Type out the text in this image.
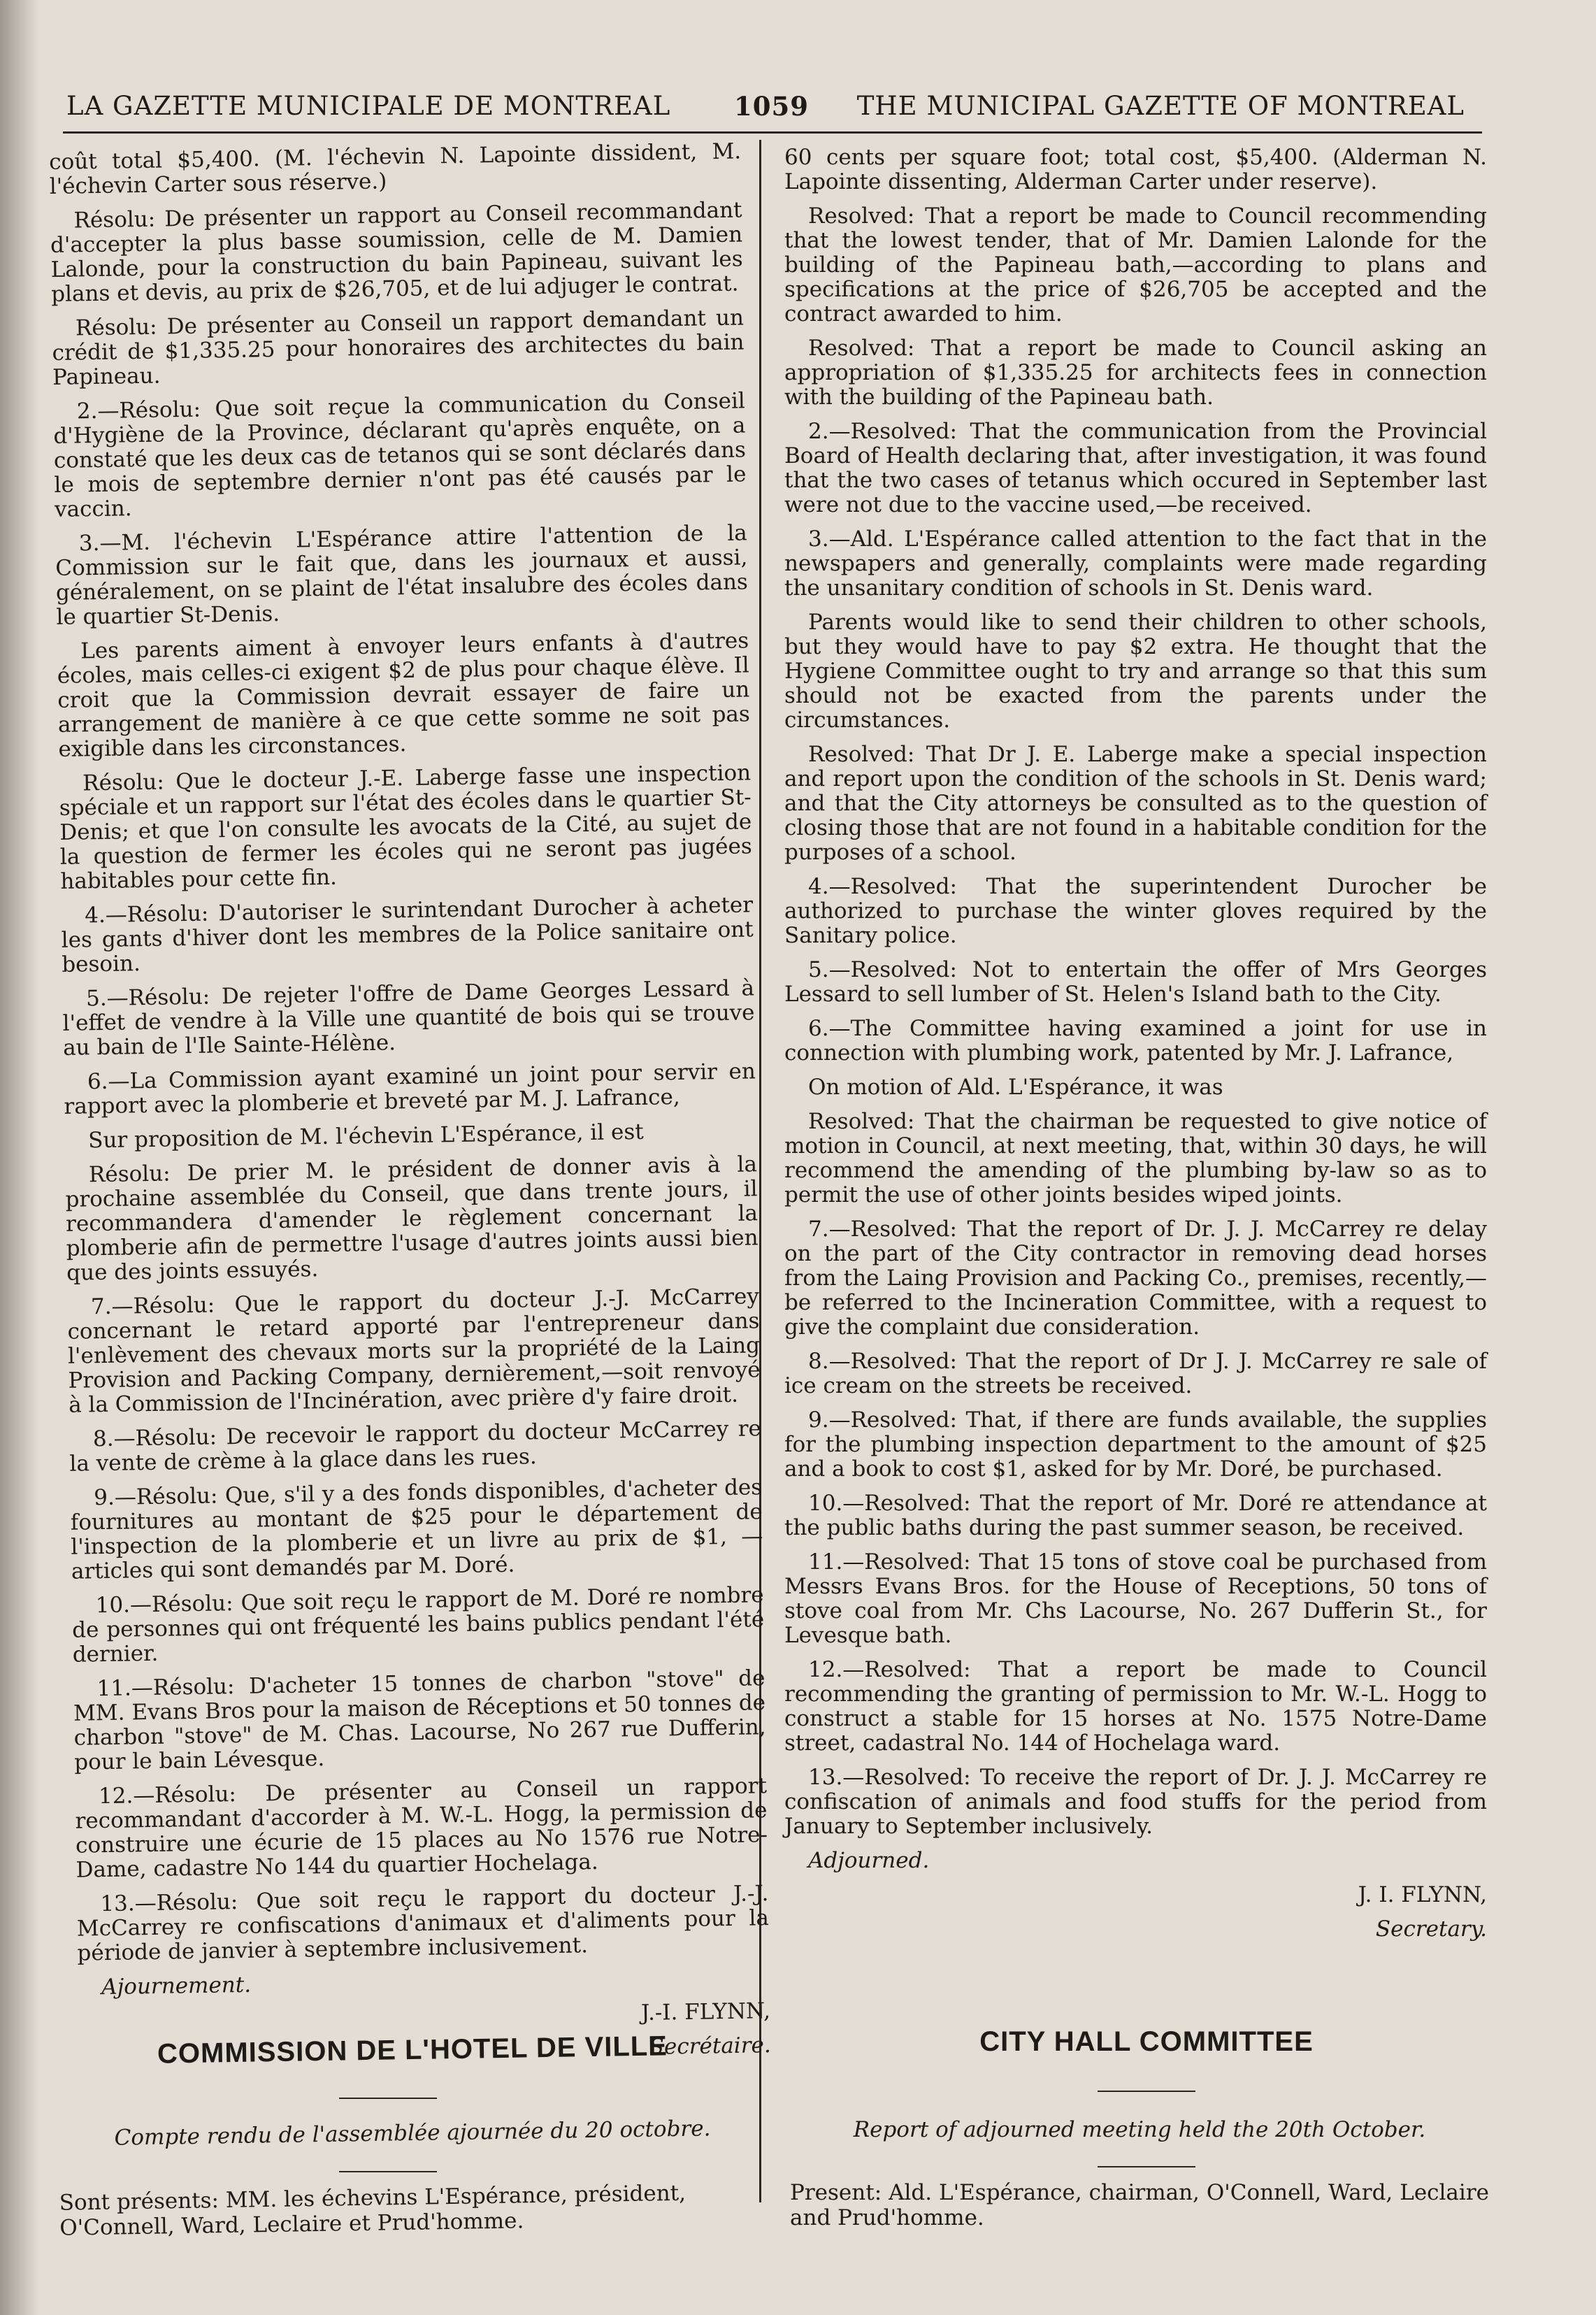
LA GAZETTE MUNICIPALE DE MONTREAL 1059 THE MUNICIPAL GAZETTE OF MONTREAL

coût total $5,400. (M. l'échevin N. Lapointe dissident, M. l'échevin Carter sous réserve.)

Résolu: De présenter un rapport au Conseil recommandant d'accepter la plus basse soumission, celle de M. Damien Lalonde, pour la construction du bain Papineau, suivant les plans et devis, au prix de $26,705, et de lui adjuger le contrat.

Résolu: De présenter au Conseil un rapport demandant un crédit de $1,335.25 pour honoraires des architectes du bain Papineau.

2.—Résolu: Que soit reçue la communication du Conseil d'Hygiène de la Province, déclarant qu'après enquête, on a constaté que les deux cas de tetanos qui se sont déclarés dans le mois de septembre dernier n'ont pas été causés par le vaccin.

3.—M. l'échevin L'Espérance attire l'attention de la Commission sur le fait que, dans les journaux et aussi, généralement, on se plaint de l'état insalubre des écoles dans le quartier St-Denis.

Les parents aiment à envoyer leurs enfants à d'autres écoles, mais celles-ci exigent $2 de plus pour chaque élève. Il croit que la Commission devrait essayer de faire un arrangement de manière à ce que cette somme ne soit pas exigible dans les circonstances.

Résolu: Que le docteur J.-E. Laberge fasse une inspection spéciale et un rapport sur l'état des écoles dans le quartier St-Denis; et que l'on consulte les avocats de la Cité, au sujet de la question de fermer les écoles qui ne seront pas jugées habitables pour cette fin.

4.—Résolu: D'autoriser le surintendant Durocher à acheter les gants d'hiver dont les membres de la Police sanitaire ont besoin.

5.—Résolu: De rejeter l'offre de Dame Georges Lessard à l'effet de vendre à la Ville une quantité de bois qui se trouve au bain de l'Ile Sainte-Hélène.

6.—La Commission ayant examiné un joint pour servir en rapport avec la plomberie et breveté par M. J. Lafrance,

Sur proposition de M. l'échevin L'Espérance, il est

Résolu: De prier M. le président de donner avis à la prochaine assemblée du Conseil, que dans trente jours, il recommandera d'amender le règlement concernant la plomberie afin de permettre l'usage d'autres joints aussi bien que des joints essuyés.

7.—Résolu: Que le rapport du docteur J.-J. McCarrey concernant le retard apporté par l'entrepreneur dans l'enlèvement des chevaux morts sur la propriété de la Laing Provision and Packing Company, dernièrement,—soit renvoyé à la Commission de l'Incinération, avec prière d'y faire droit.

8.—Résolu: De recevoir le rapport du docteur McCarrey re la vente de crème à la glace dans les rues.

9.—Résolu: Que, s'il y a des fonds disponibles, d'acheter des fournitures au montant de $25 pour le département de l'inspection de la plomberie et un livre au prix de $1, —articles qui sont demandés par M. Doré.

10.—Résolu: Que soit reçu le rapport de M. Doré re nombre de personnes qui ont fréquenté les bains publics pendant l'été dernier.

11.—Résolu: D'acheter 15 tonnes de charbon "stove" de MM. Evans Bros pour la maison de Réceptions et 50 tonnes de charbon "stove" de M. Chas. Lacourse, No 267 rue Dufferin, pour le bain Lévesque.

12.—Résolu: De présenter au Conseil un rapport recommandant d'accorder à M. W.-L. Hogg, la permission de construire une écurie de 15 places au No 1576 rue Notre-Dame, cadastre No 144 du quartier Hochelaga.

13.—Résolu: Que soit reçu le rapport du docteur J.-J. McCarrey re confiscations d'animaux et d'aliments pour la période de janvier à septembre inclusivement.

Ajournement.

J.-I. FLYNN,

Secrétaire.

60 cents per square foot; total cost, $5,400. (Alderman N. Lapointe dissenting, Alderman Carter under reserve).

Resolved: That a report be made to Council recommending that the lowest tender, that of Mr. Damien Lalonde for the building of the Papineau bath,—according to plans and specifications at the price of $26,705 be accepted and the contract awarded to him.

Resolved: That a report be made to Council asking an appropriation of $1,335.25 for architects fees in connection with the building of the Papineau bath.

2.—Resolved: That the communication from the Provincial Board of Health declaring that, after investigation, it was found that the two cases of tetanus which occured in September last were not due to the vaccine used,—be received.

3.—Ald. L'Espérance called attention to the fact that in the newspapers and generally, complaints were made regarding the unsanitary condition of schools in St. Denis ward.

Parents would like to send their children to other schools, but they would have to pay $2 extra. He thought that the Hygiene Committee ought to try and arrange so that this sum should not be exacted from the parents under the circumstances.

Resolved: That Dr J. E. Laberge make a special inspection and report upon the condition of the schools in St. Denis ward; and that the City attorneys be consulted as to the question of closing those that are not found in a habitable condition for the purposes of a school.

4.—Resolved: That the superintendent Durocher be authorized to purchase the winter gloves required by the Sanitary police.

5.—Resolved: Not to entertain the offer of Mrs Georges Lessard to sell lumber of St. Helen's Island bath to the City.

6.—The Committee having examined a joint for use in connection with plumbing work, patented by Mr. J. Lafrance,

On motion of Ald. L'Espérance, it was

Resolved: That the chairman be requested to give notice of motion in Council, at next meeting, that, within 30 days, he will recommend the amending of the plumbing by-law so as to permit the use of other joints besides wiped joints.

7.—Resolved: That the report of Dr. J. J. McCarrey re delay on the part of the City contractor in removing dead horses from the Laing Provision and Packing Co., premises, recently,—be referred to the Incineration Committee, with a request to give the complaint due consideration.

8.—Resolved: That the report of Dr J. J. McCarrey re sale of ice cream on the streets be received.

9.—Resolved: That, if there are funds available, the supplies for the plumbing inspection department to the amount of $25 and a book to cost $1, asked for by Mr. Doré, be purchased.

10.—Resolved: That the report of Mr. Doré re attendance at the public baths during the past summer season, be received.

11.—Resolved: That 15 tons of stove coal be purchased from Messrs Evans Bros. for the House of Receptions, 50 tons of stove coal from Mr. Chs Lacourse, No. 267 Dufferin St., for Levesque bath.

12.—Resolved: That a report be made to Council recommending the granting of permission to Mr. W.-L. Hogg to construct a stable for 15 horses at No. 1575 Notre-Dame street, cadastral No. 144 of Hochelaga ward.

13.—Resolved: To receive the report of Dr. J. J. McCarrey re confiscation of animals and food stuffs for the period from January to September inclusively.

Adjourned.

J. I. FLYNN,

Secretary.

COMMISSION DE L'HOTEL DE VILLE	CITY HALL COMMITTEE
Compte rendu de l'assemblée ajournée du 20 octobre.	Report of adjourned meeting held the 20th October.
Sont présents: MM. les échevins L'Espérance, président, O'Connell, Ward, Leclaire et Prud'homme.
Present: Ald. L'Espérance, chairman, O'Connell, Ward, Leclaire and Prud'homme.
